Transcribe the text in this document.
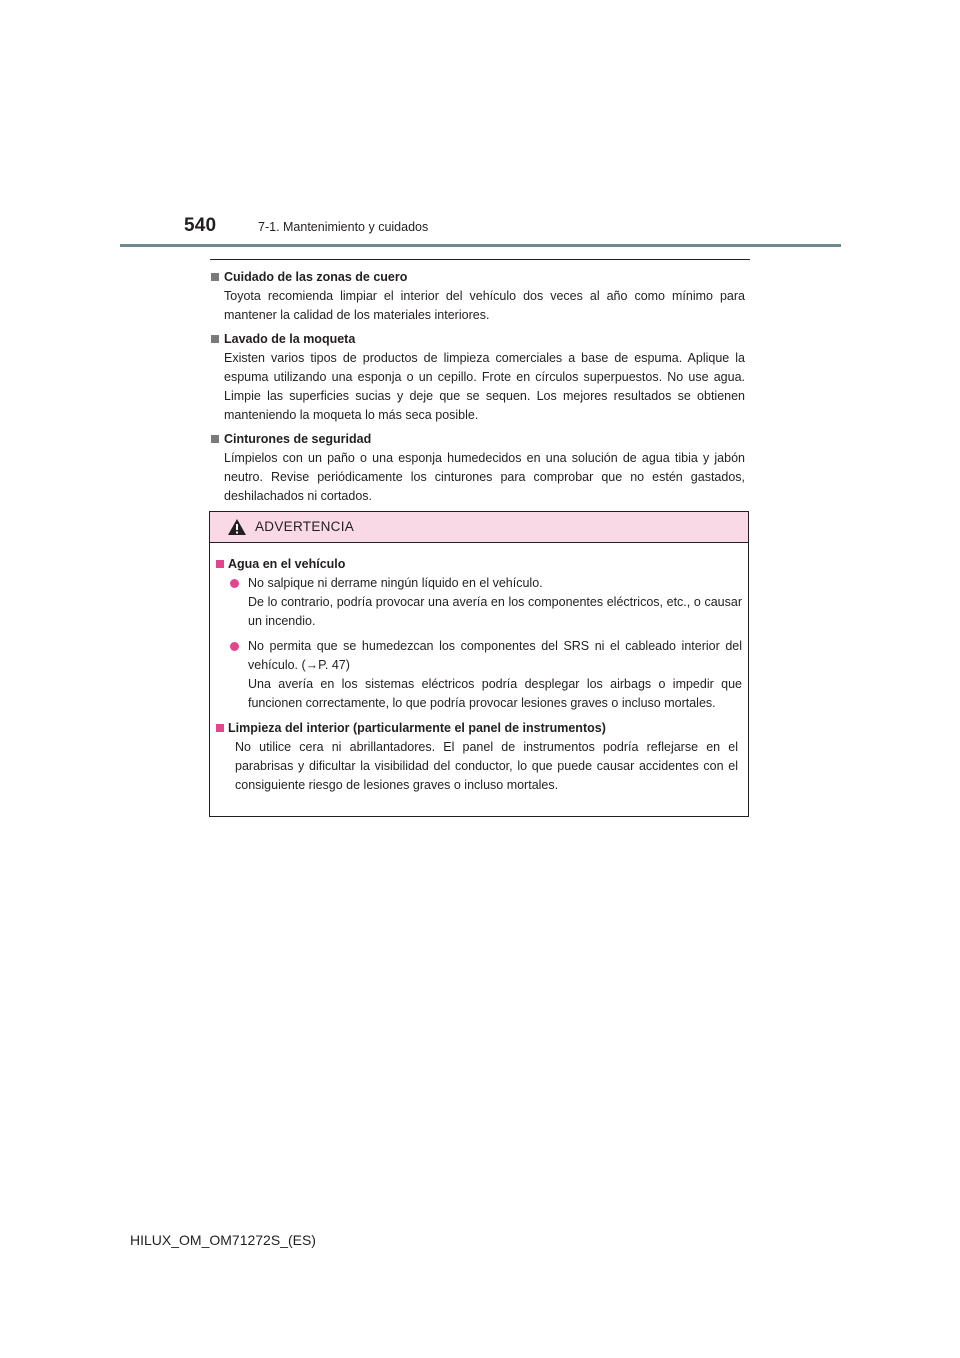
540	7-1. Mantenimiento y cuidados
Cuidado de las zonas de cuero
Toyota recomienda limpiar el interior del vehículo dos veces al año como mínimo para mantener la calidad de los materiales interiores.
Lavado de la moqueta
Existen varios tipos de productos de limpieza comerciales a base de espuma. Aplique la espuma utilizando una esponja o un cepillo. Frote en círculos superpuestos. No use agua. Limpie las superficies sucias y deje que se sequen. Los mejores resultados se obtienen manteniendo la moqueta lo más seca posible.
Cinturones de seguridad
Límpielos con un paño o una esponja humedecidos en una solución de agua tibia y jabón neutro. Revise periódicamente los cinturones para comprobar que no estén gastados, deshilachados ni cortados.
ADVERTENCIA
Agua en el vehículo
No salpique ni derrame ningún líquido en el vehículo.
De lo contrario, podría provocar una avería en los componentes eléctricos, etc., o causar un incendio.
No permita que se humedezcan los componentes del SRS ni el cableado interior del vehículo. (→P. 47)
Una avería en los sistemas eléctricos podría desplegar los airbags o impedir que funcionen correctamente, lo que podría provocar lesiones graves o incluso mortales.
Limpieza del interior (particularmente el panel de instrumentos)
No utilice cera ni abrillantadores. El panel de instrumentos podría reflejarse en el parabrisas y dificultar la visibilidad del conductor, lo que puede causar accidentes con el consiguiente riesgo de lesiones graves o incluso mortales.
HILUX_OM_OM71272S_(ES)
